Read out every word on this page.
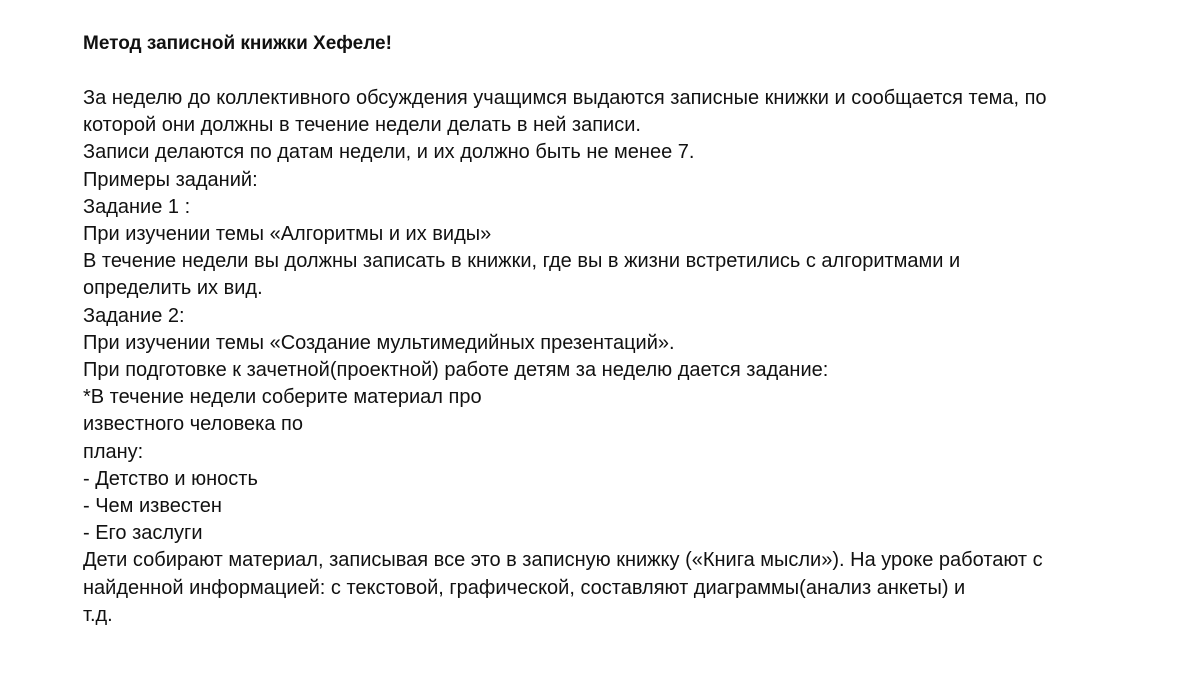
Метод записной книжки Хефеле!

За неделю до коллективного обсуждения учащимся выдаются записные книжки и сообщается тема, по

которой они должны в течение недели делать в ней записи.

Записи делаются по датам недели, и их должно быть не менее 7.

Примеры заданий:

Задание 1 :

При изучении темы «Алгоритмы и их виды»

В течение недели вы должны записать в книжки, где вы в жизни встретились с алгоритмами и

определить их вид.

Задание 2:

При изучении темы «Создание мультимедийных презентаций».

При подготовке к зачетной(проектной) работе детям за неделю дается задание:

*В течение недели соберите материал про

известного человека по

плану:

- Детство и юность

- Чем известен

- Его заслуги

Дети собирают материал, записывая все это в записную книжку («Книга мысли»). На уроке работают с

найденной информацией: с текстовой, графической, составляют диаграммы(анализ анкеты) и

т.д.
